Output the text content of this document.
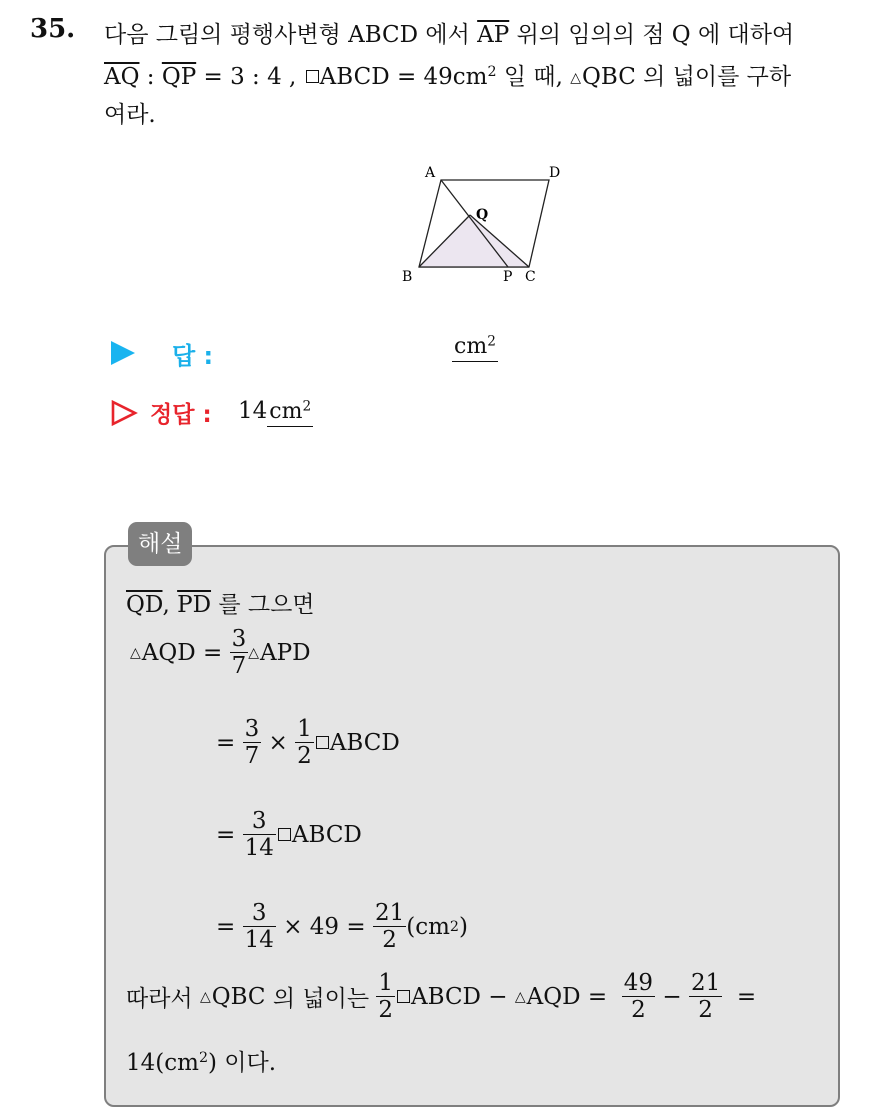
35. 다음 그림의 평행사변형 ABCD 에서 $\overline{AP}$ 위의 임의의 점 Q 에 대하여
$\overline{AQ}$ : $\overline{QP} = 3$ : 4 , ABCD = $49cm^2$ 일 때, △QBC 의 넓이를 구하
여라.
A	D
Q
B	P C
답 :	$cm^2$
정답 : $14cm^2$
해설
$\overline{QD}$, $\overline{PD}$ 를 그으면
△ AQD =
$\frac{3}{7}$ △ APD
=
$\frac{3}{7}$
×
$\frac{1}{2}$ ABCD
=
$\frac{3}{14}$ ABCD
=
$\frac{3}{14}$
× 49 =
$\frac{21}{2} (cm$ 2 )
따라서
△ QBC
의 넓이는
$\frac{1}{2}$ ABCD −
△ AQD =
$\frac{49}{2}$
−
$\frac{21}{2}$
=
$14(cm^2)$ 이다.
